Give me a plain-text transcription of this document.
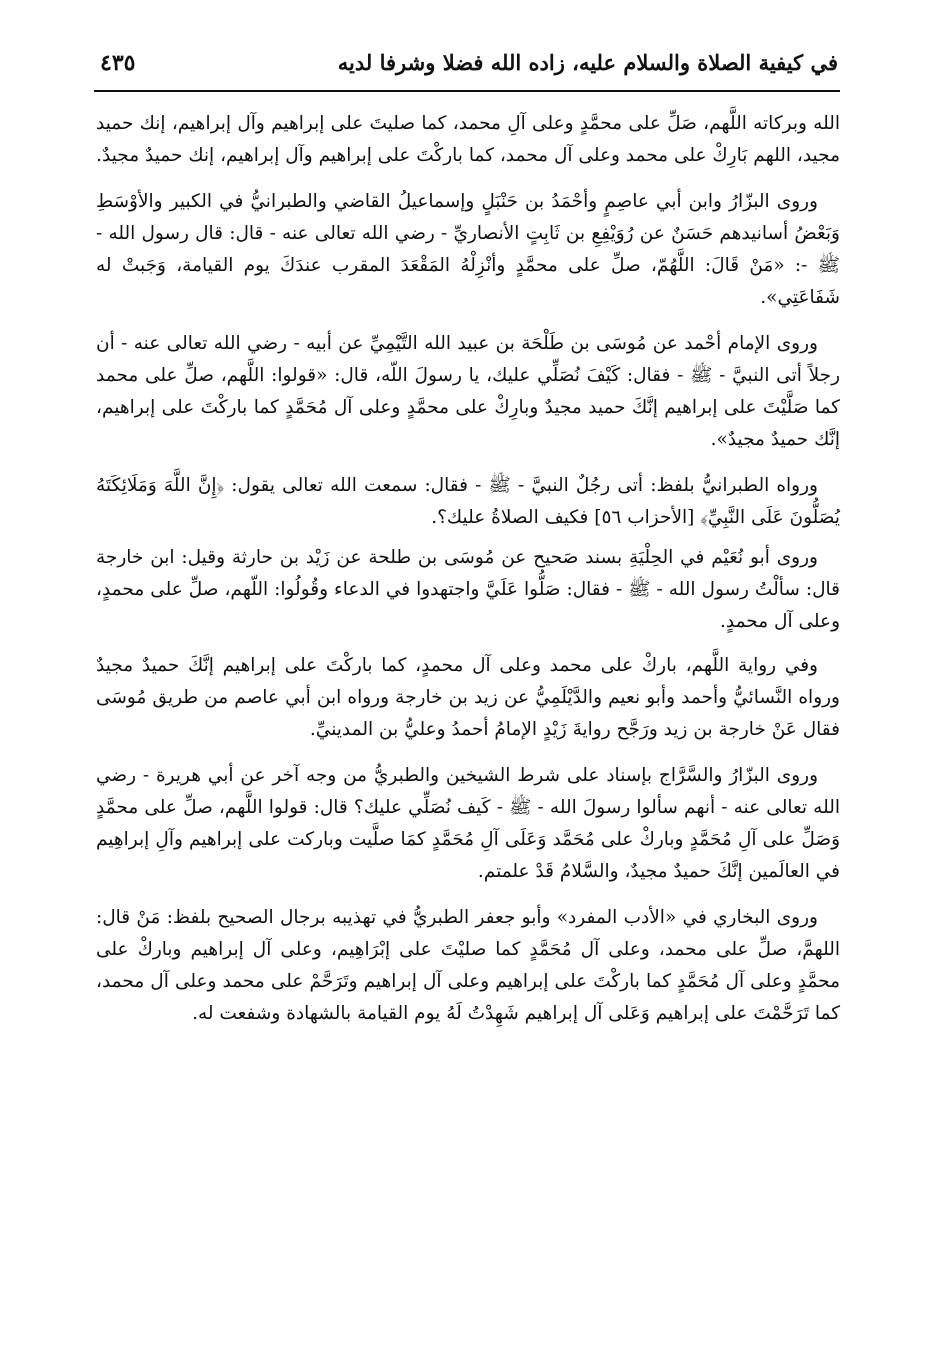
في كيفية الصلاة والسلام عليه، زاده الله فضلا وشرفا لديه
٤٣٥

الله وبركاته اللَّهم، صَلِّ على محمَّدٍ وعلى آلِ محمد، كما صليتَ على إبراهيم وآل إبراهيم، إنك حميد مجيد، اللهم بَارِكْ على محمد وعلى آل محمد، كما باركْتَ على إبراهيم وآل إبراهيم، إنك حميدٌ مجيدٌ.

وروى البزّارُ وابن أبي عاصِمٍ وأحْمَدُ بن حَنْبَلٍ وإسماعيلُ القاضي والطبرانيُّ في الكبير والأوْسَطِ وَبَعْضُ أسانيدهم حَسَنٌ عن رُوَيْفِعِ بن ثَابِتٍ الأنصاريِّ - رضي الله تعالى عنه - قال: قال رسول الله - ﷺ -: «مَنْ قَالَ: اللَّهُمّ، صلِّ على محمَّدٍ وأنْزِلْهُ المَقْعَدَ المقرب عندَكَ يوم القيامة، وَجَبتْ له شَفَاعَتِي».

وروى الإمام أحْمد عن مُوسَى بن طَلْحَة بن عبيد الله التَّيْمِيِّ عن أبيه - رضي الله تعالى عنه - أن رجلاً أتى النبيَّ - ﷺ - فقال: كَيْفَ نُصَلِّي عليك، يا رسولَ اللّه، قال: «قولوا: اللَّهم، صلِّ على محمد كما صَلَّيْتَ على إبراهيم إنَّكَ حميد مجيدٌ وبارِكْ على محمَّدٍ وعلى آل مُحَمَّدٍ كما باركْتَ على إبراهيم، إنَّك حميدٌ مجيدٌ».

ورواه الطبرانيُّ بلفظ: أتى رجُلٌ النبيَّ - ﷺ - فقال: سمعت الله تعالى يقول: ﴿إِنَّ اللَّهَ وَمَلَائِكَتَهُ يُصَلُّونَ عَلَى النَّبِيِّ﴾ [الأحزاب ٥٦] فكيف الصلاةُ عليك؟.

وروى أبو نُعَيْم في الحِلْيَةِ بسند صَحيح عن مُوسَى بن طلحة عن زَيْد بن حارثة وقيل: ابن خارجة قال: سألْتُ رسول الله - ﷺ - فقال: صَلُّوا عَلَيَّ واجتهدوا في الدعاء وقُولُوا: اللّهم، صلِّ على محمدٍ، وعلى آل محمدٍ.

وفي رواية اللَّهم، باركْ على محمد وعلى آل محمدٍ، كما باركْتَ على إبراهيم إنَّكَ حميدٌ مجيدٌ ورواه النَّسائيُّ وأحمد وأبو نعيم والدَّيْلَمِيُّ عن زيد بن خارجة ورواه ابن أبي عاصم من طريق مُوسَى فقال عَنْ خارجة بن زيد ورَجَّح روايةَ زَيْدٍ الإمامُ أحمدُ وعليُّ بن المدينيِّ.

وروى البزّارُ والسَّرَّاج بإسناد على شرط الشيخين والطبريُّ من وجه آخر عن أبي هريرة - رضي الله تعالى عنه - أنهم سألوا رسولَ الله - ﷺ - كَيف نُصَلِّي عليك؟ قال: قولوا اللَّهم، صلِّ على محمَّدٍ وَصَلِّ على آلِ مُحَمَّدٍ وباركْ على مُحَمَّد وَعَلَى آلِ مُحَمَّدٍ كمَا صلَّيت وباركت على إبراهيم وآلِ إبراهِيم في العالَمين إنَّكَ حميدٌ مجيدٌ، والسَّلامُ قَدْ علمتم.

وروى البخاري في «الأدب المفرد» وأبو جعفر الطبريُّ في تهذيبه برجال الصحيح بلفظ: مَنْ قال: اللهمَّ، صلِّ على محمد، وعلى آل مُحَمَّدٍ كما صليْتَ على إبْرَاهِيم، وعلى آل إبراهيم وباركْ على محمَّدٍ وعلى آل مُحَمَّدٍ كما باركْتَ على إبراهيم وعلى آل إبراهيم وتَرَحَّمْ على محمد وعلى آل محمد، كما تَرَحَّمْتَ على إبراهيم وَعَلى آل إبراهيم شَهِدْتُ لَهُ يوم القيامة بالشهادة وشفعت له.
